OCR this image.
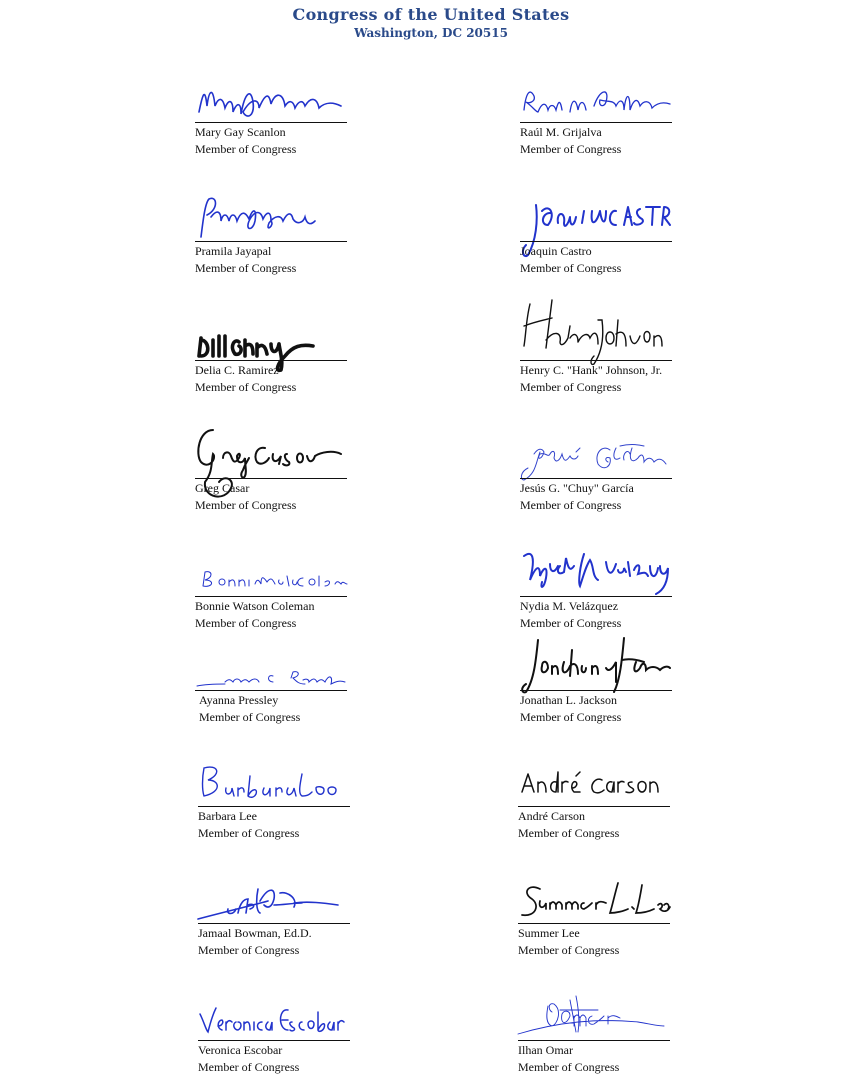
Congress of the United States
Washington, DC 20515
Mary Gay Scanlon
Member of Congress
Raúl M. Grijalva
Member of Congress
Pramila Jayapal
Member of Congress
Joaquin Castro
Member of Congress
Delia C. Ramirez
Member of Congress
Henry C. "Hank" Johnson, Jr.
Member of Congress
Greg Casar
Member of Congress
Jesús G. "Chuy" García
Member of Congress
Bonnie Watson Coleman
Member of Congress
Nydia M. Velázquez
Member of Congress
Ayanna Pressley
Member of Congress
Jonathan L. Jackson
Member of Congress
Barbara Lee
Member of Congress
André Carson
Member of Congress
Jamaal Bowman, Ed.D.
Member of Congress
Summer Lee
Member of Congress
Veronica Escobar
Member of Congress
Ilhan Omar
Member of Congress
